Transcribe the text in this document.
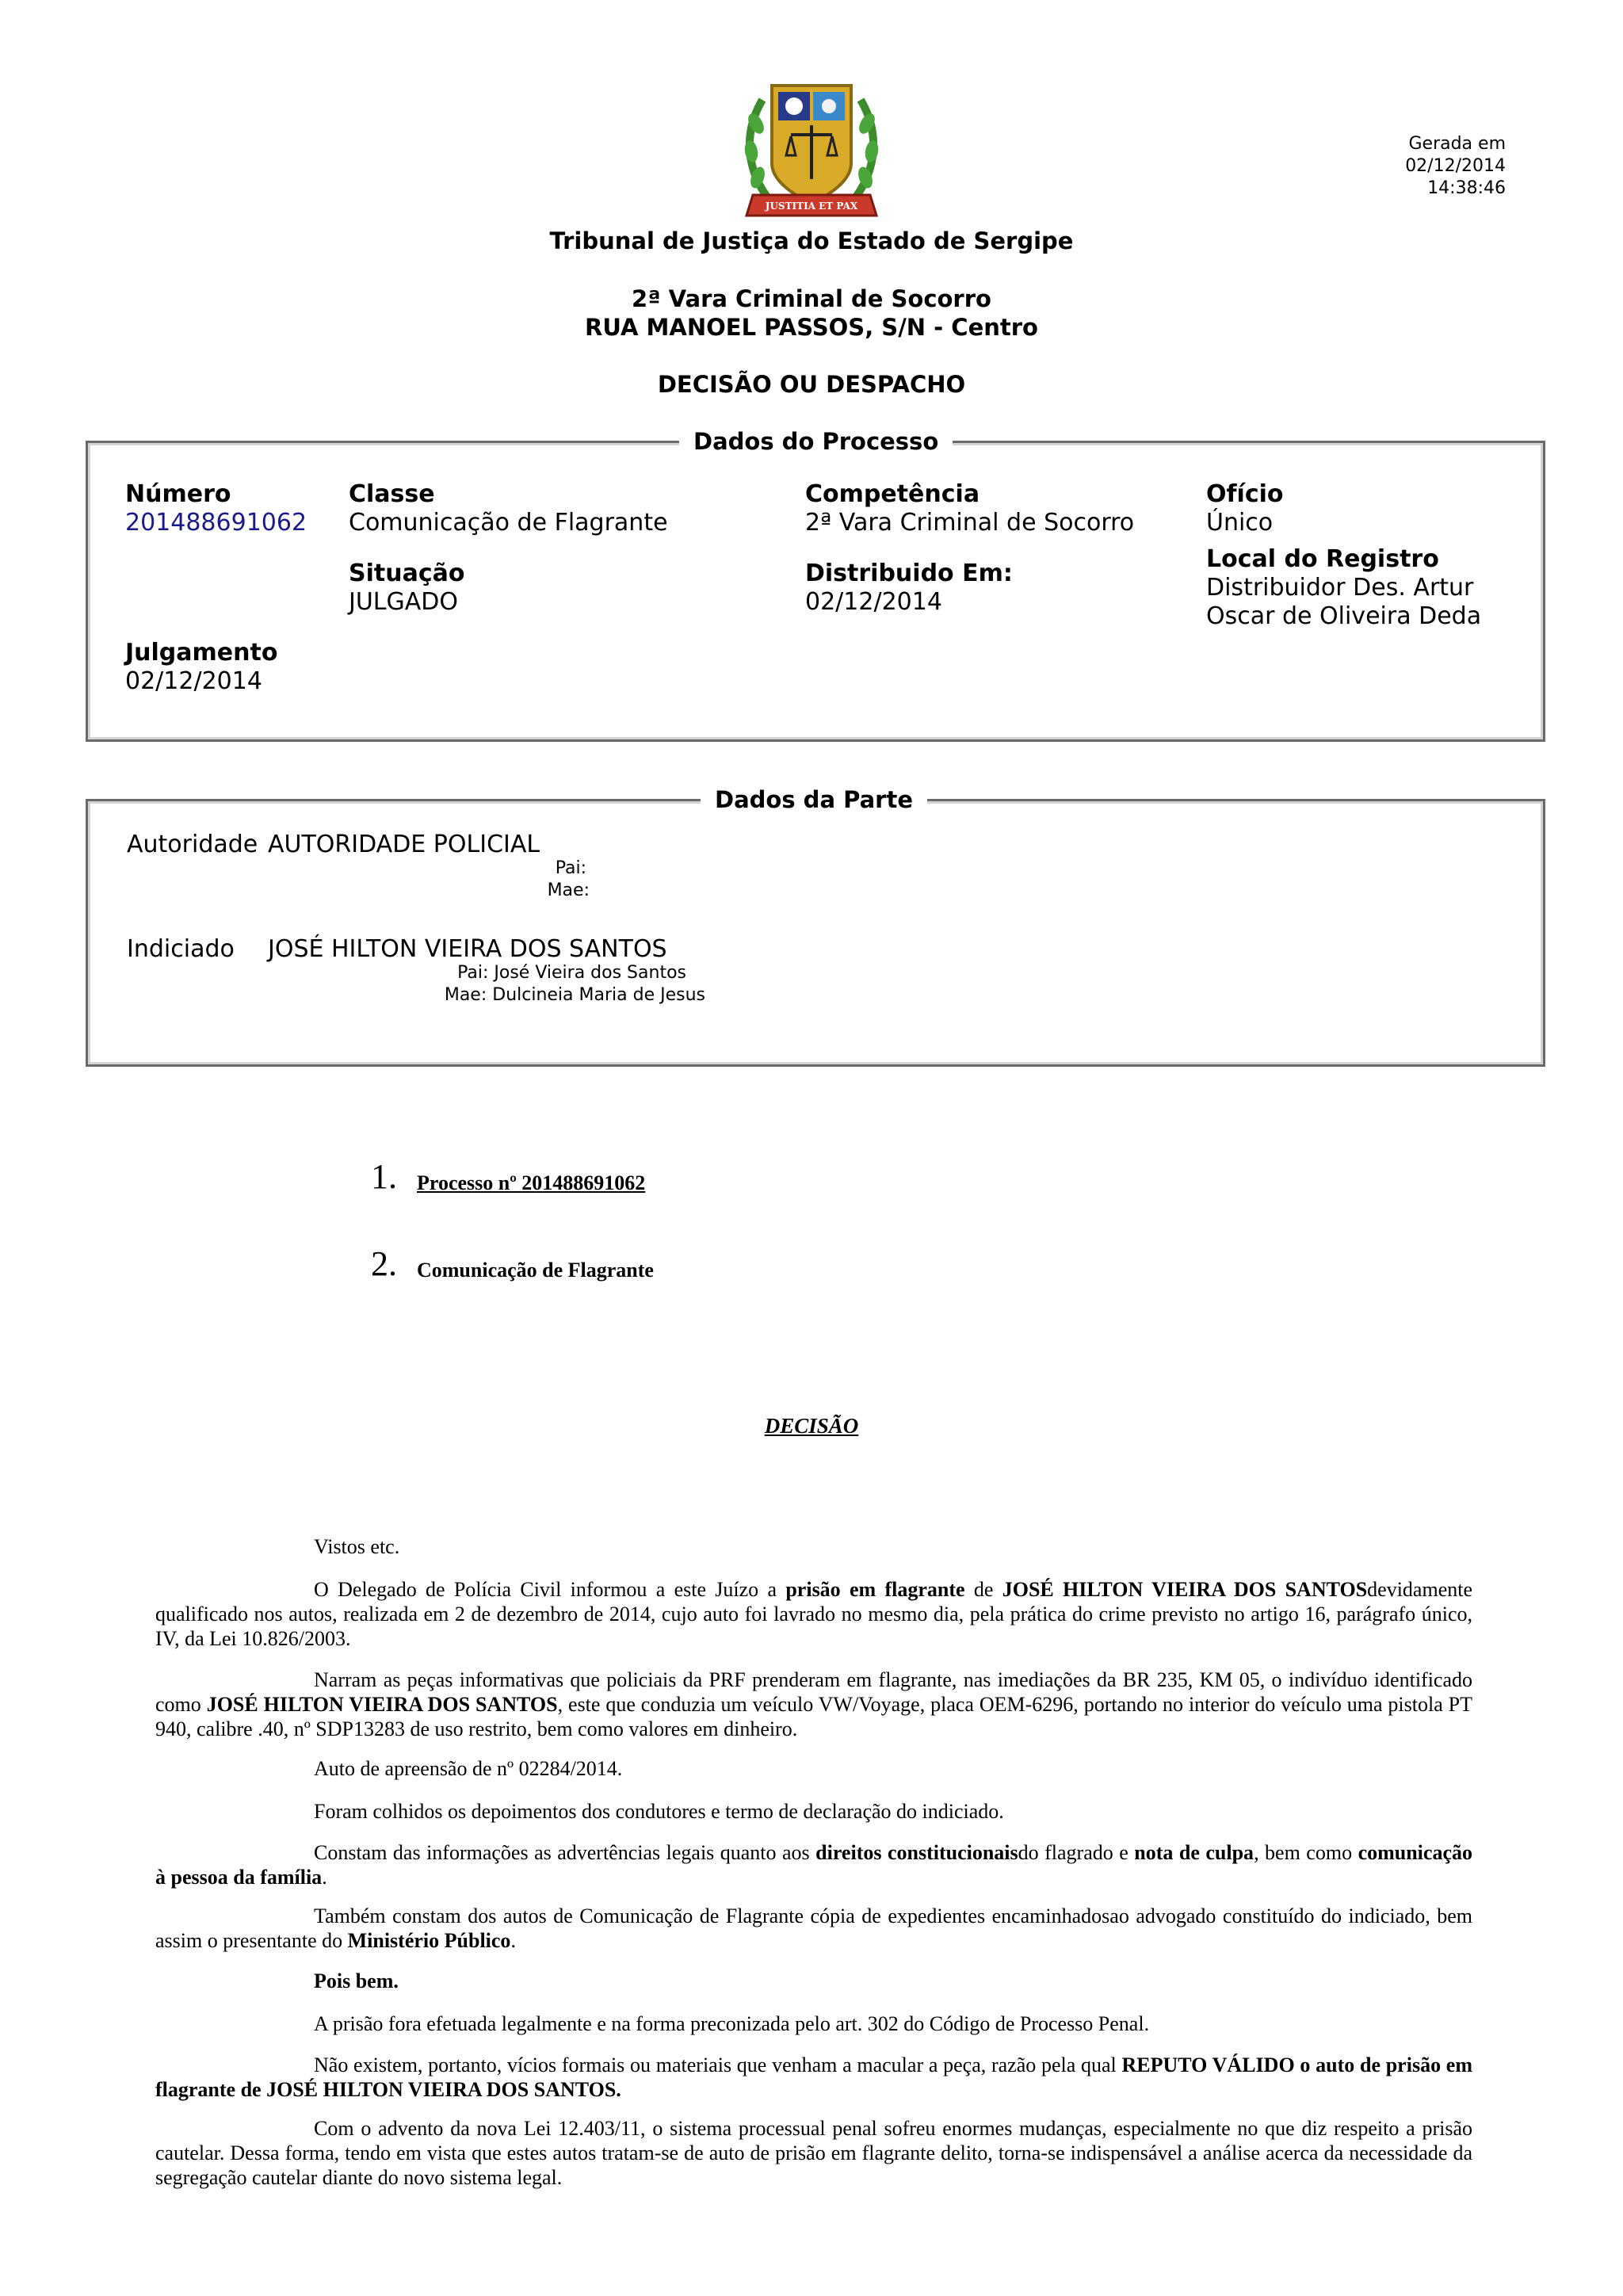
JUSTITIA ET PAX
Gerada em
02/12/2014
14:38:46
Tribunal de Justiça do Estado de Sergipe
2ª Vara Criminal de Socorro
RUA MANOEL PASSOS, S/N - Centro
DECISÃO OU DESPACHO
Dados do Processo
Número
201488691062
Classe
Comunicação de Flagrante
Competência
2ª Vara Criminal de Socorro
Ofício
Único
Situação
JULGADO
Distribuido Em:
02/12/2014
Local do Registro
Distribuidor Des. Artur
Oscar de Oliveira Deda
Julgamento
02/12/2014
Dados da Parte
Autoridade AUTORIDADE POLICIAL
Pai:
Mae:
Indiciado JOSÉ HILTON VIEIRA DOS SANTOS
Pai: José Vieira dos Santos
Mae: Dulcineia Maria de Jesus
1. Processo nº 201488691062
2. Comunicação de Flagrante
DECISÃO
Vistos etc.
O Delegado de Polícia Civil informou a este Juízo a prisão em flagrante de JOSÉ HILTON VIEIRA DOS SANTOSdevidamente qualificado nos autos, realizada em 2 de dezembro de 2014, cujo auto foi lavrado no mesmo dia, pela prática do crime previsto no artigo 16, parágrafo único, IV, da Lei 10.826/2003.
Narram as peças informativas que policiais da PRF prenderam em flagrante, nas imediações da BR 235, KM 05, o indivíduo identificado como JOSÉ HILTON VIEIRA DOS SANTOS, este que conduzia um veículo VW/Voyage, placa OEM-6296, portando no interior do veículo uma pistola PT 940, calibre .40, nº SDP13283 de uso restrito, bem como valores em dinheiro.
Auto de apreensão de nº 02284/2014.
Foram colhidos os depoimentos dos condutores e termo de declaração do indiciado.
Constam das informações as advertências legais quanto aos direitos constitucionaisdo flagrado e nota de culpa, bem como comunicação à pessoa da família.
Também constam dos autos de Comunicação de Flagrante cópia de expedientes encaminhadosao advogado constituído do indiciado, bem assim o presentante do Ministério Público.
Pois bem.
A prisão fora efetuada legalmente e na forma preconizada pelo art. 302 do Código de Processo Penal.
Não existem, portanto, vícios formais ou materiais que venham a macular a peça, razão pela qual REPUTO VÁLIDO o auto de prisão em flagrante de JOSÉ HILTON VIEIRA DOS SANTOS.
Com o advento da nova Lei 12.403/11, o sistema processual penal sofreu enormes mudanças, especialmente no que diz respeito a prisão cautelar. Dessa forma, tendo em vista que estes autos tratam-se de auto de prisão em flagrante delito, torna-se indispensável a análise acerca da necessidade da segregação cautelar diante do novo sistema legal.
